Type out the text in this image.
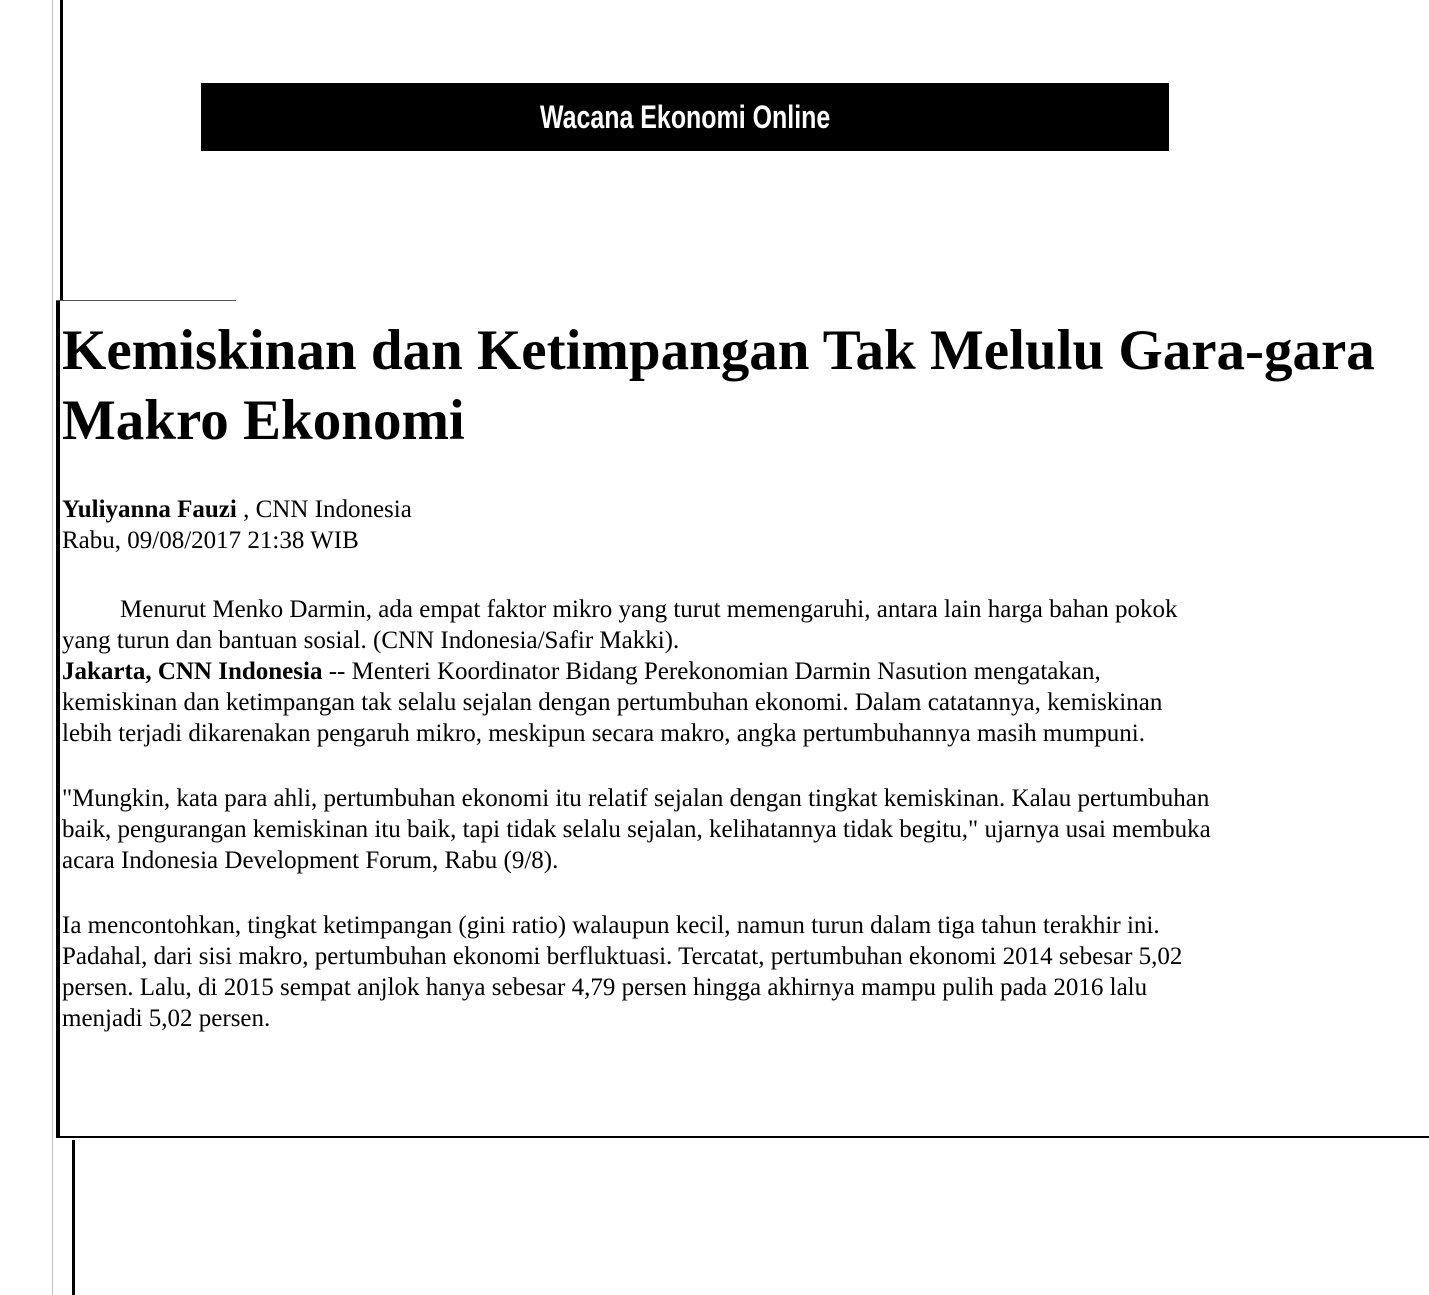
Wacana Ekonomi Online
Kemiskinan dan Ketimpangan Tak Melulu Gara-gara
Makro Ekonomi
Yuliyanna Fauzi , CNN Indonesia
Rabu, 09/08/2017 21:38 WIB
Menurut Menko Darmin, ada empat faktor mikro yang turut memengaruhi, antara lain harga bahan pokok
yang turun dan bantuan sosial. (CNN Indonesia/Safir Makki).
Jakarta, CNN Indonesia -- Menteri Koordinator Bidang Perekonomian Darmin Nasution mengatakan,
kemiskinan dan ketimpangan tak selalu sejalan dengan pertumbuhan ekonomi. Dalam catatannya, kemiskinan
lebih terjadi dikarenakan pengaruh mikro, meskipun secara makro, angka pertumbuhannya masih mumpuni.
"Mungkin, kata para ahli, pertumbuhan ekonomi itu relatif sejalan dengan tingkat kemiskinan. Kalau pertumbuhan
baik, pengurangan kemiskinan itu baik, tapi tidak selalu sejalan, kelihatannya tidak begitu," ujarnya usai membuka
acara Indonesia Development Forum, Rabu (9/8).
Ia mencontohkan, tingkat ketimpangan (gini ratio) walaupun kecil, namun turun dalam tiga tahun terakhir ini.
Padahal, dari sisi makro, pertumbuhan ekonomi berfluktuasi. Tercatat, pertumbuhan ekonomi 2014 sebesar 5,02
persen. Lalu, di 2015 sempat anjlok hanya sebesar 4,79 persen hingga akhirnya mampu pulih pada 2016 lalu
menjadi 5,02 persen.
